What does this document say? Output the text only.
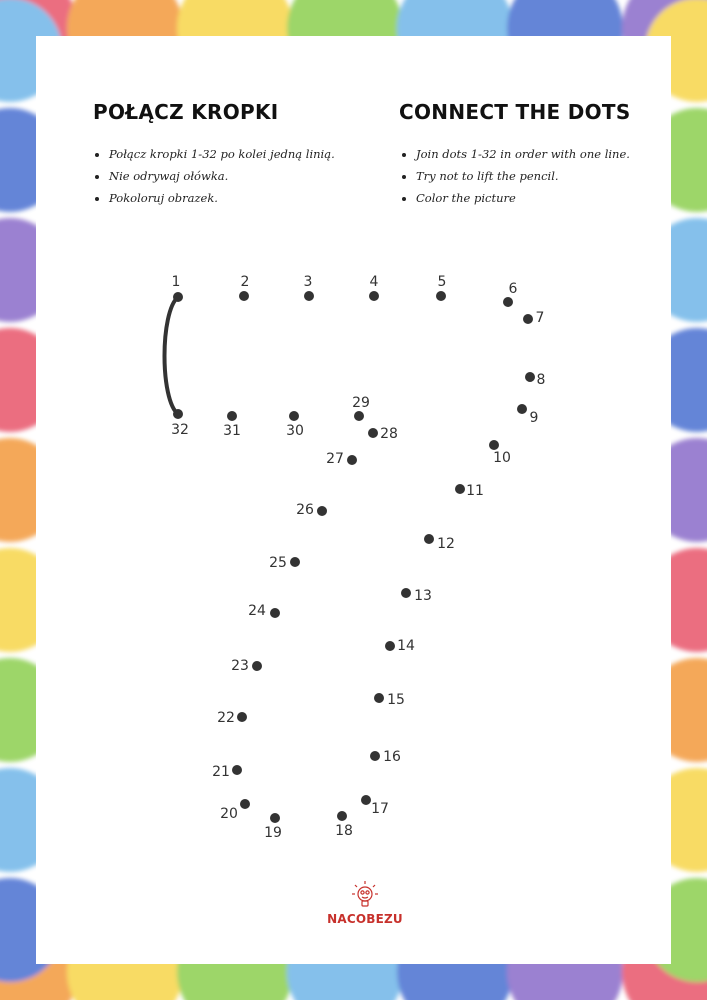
POŁĄCZ KROPKI	CONNECT THE DOTS
• Połącz kropki 1-32 po kolei jedną linią.
• Nie odrywaj ołówka.
• Pokoloruj obrazek.
• Join dots 1-32 in order with one line.
• Try not to lift the pencil.
• Color the picture
1	2	3	4	5	6
7
8
9
10
11
12
13
14
15
16
17
18
19
20
21
22
23
24
25
26
27
28
29
30
31
32
NACOBEZU
